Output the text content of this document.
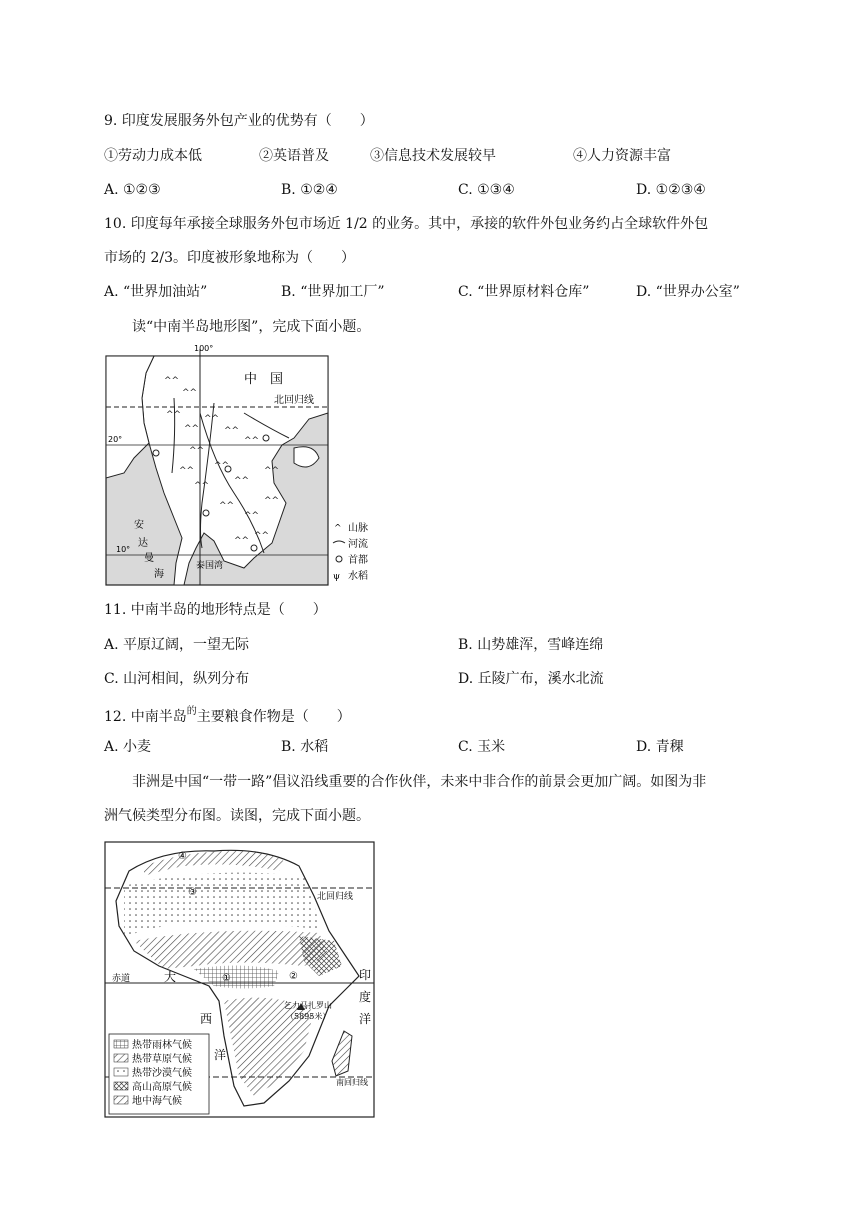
9. 印度发展服务外包产业的优势有（　　）
①劳动力成本低	②英语普及	③信息技术发展较早	④人力资源丰富
A. ①②③	B. ①②④	C. ①③④	D. ①②③④
10. 印度每年承接全球服务外包市场近 1/2 的业务。其中，承接的软件外包业务约占全球软件外包
市场的 2/3。印度被形象地称为（　　）
A. “世界加油站”	B. “世界加工厂”	C. “世界原材料仓库”	D. “世界办公室”
读“中南半岛地形图”，完成下面小题。
^^
^^
^^
^^
^^
^^
^^
^^
^^
^^
^^
^^
^^
^^
^^	^^
^^ ^^
100°
中　国
北回归线
20°
10°
安
达
曼
海
泰国湾
^ 山脉
河流
首都
ψ 水稻
11. 中南半岛的地形特点是（　　）
A. 平原辽阔，一望无际	B. 山势雄浑，雪峰连绵
C. 山河相间，纵列分布	D. 丘陵广布，溪水北流
12. 中南半岛$^的$主要粮食作物是（　　）
A. 小麦	B. 水稻	C. 玉米	D. 青稞
非洲是中国“一带一路”倡议沿线重要的合作伙伴，未来中非合作的前景会更加广阔。如图为非
洲气候类型分布图。读图，完成下面小题。
北回归线
赤道
乞力马扎罗山
（5895米）
南回归线
大
西
洋
印
度
洋
①	②
③
④
热带雨林气候
热带草原气候
热带沙漠气候
高山高原气候
地中海气候
